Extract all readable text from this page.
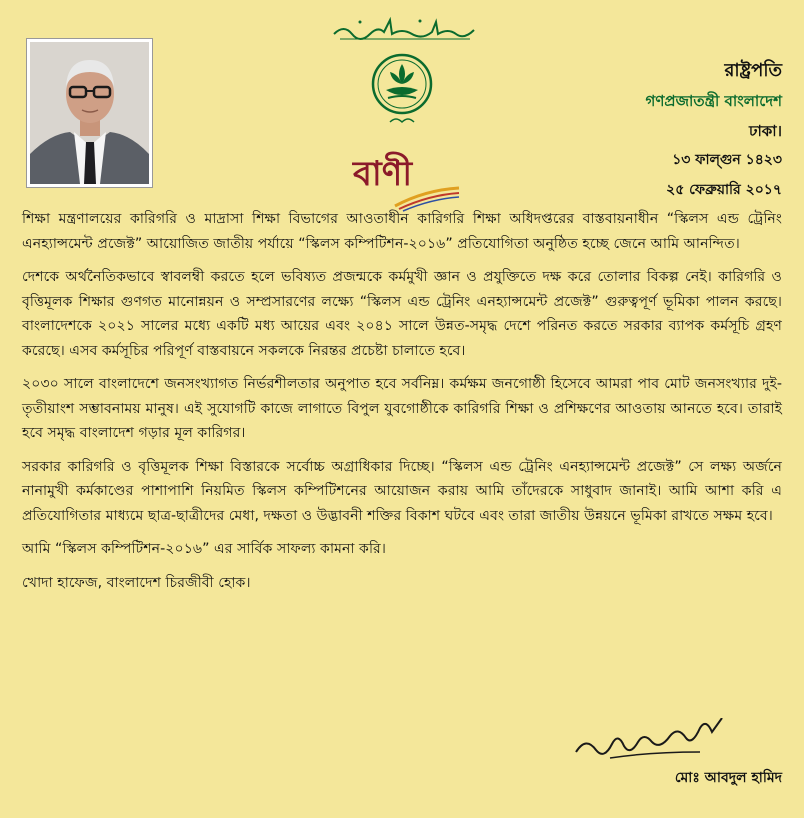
বাণী
রাষ্ট্রপতি
গণপ্রজাতন্ত্রী বাংলাদেশ
ঢাকা।
১৩ ফাল্গুন ১৪২৩
২৫ ফেব্রুয়ারি ২০১৭

শিক্ষা মন্ত্রণালয়ের কারিগরি ও মাদ্রাসা শিক্ষা বিভাগের আওতাধীন কারিগরি শিক্ষা অধিদপ্তরের বাস্তবায়নাধীন “স্কিলস এন্ড ট্রেনিং এনহ্যান্সমেন্ট প্রজেক্ট” আয়োজিত জাতীয় পর্যায়ে “স্কিলস কম্পিটিশন-২০১৬” প্রতিযোগিতা অনুষ্ঠিত হচ্ছে জেনে আমি আনন্দিত।

দেশকে অর্থনৈতিকভাবে স্বাবলম্বী করতে হলে ভবিষ্যত প্রজন্মকে কর্মমুখী জ্ঞান ও প্রযুক্তিতে দক্ষ করে তোলার বিকল্প নেই। কারিগরি ও বৃত্তিমূলক শিক্ষার গুণগত মানোন্নয়ন ও সম্প্রসারণের লক্ষ্যে “স্কিলস এন্ড ট্রেনিং এনহ্যান্সমেন্ট প্রজেক্ট” গুরুত্বপূর্ণ ভূমিকা পালন করছে। বাংলাদেশকে ২০২১ সালের মধ্যে একটি মধ্য আয়ের এবং ২০৪১ সালে উন্নত-সমৃদ্ধ দেশে পরিনত করতে সরকার ব্যাপক কর্মসূচি গ্রহণ করেছে। এসব কর্মসূচির পরিপূর্ণ বাস্তবায়নে সকলকে নিরন্তর প্রচেষ্টা চালাতে হবে।

২০৩০ সালে বাংলাদেশে জনসংখ্যাগত নির্ভরশীলতার অনুপাত হবে সর্বনিম্ন। কর্মক্ষম জনগোষ্ঠী হিসেবে আমরা পাব মোট জনসংখ্যার দুই-তৃতীয়াংশ সম্ভাবনাময় মানুষ। এই সুযোগটি কাজে লাগাতে বিপুল যুবগোষ্ঠীকে কারিগরি শিক্ষা ও প্রশিক্ষণের আওতায় আনতে হবে। তারাই হবে সমৃদ্ধ বাংলাদেশ গড়ার মূল কারিগর।

সরকার কারিগরি ও বৃত্তিমূলক শিক্ষা বিস্তারকে সর্বোচ্চ অগ্রাধিকার দিচ্ছে। “স্কিলস এন্ড ট্রেনিং এনহ্যান্সমেন্ট প্রজেক্ট” সে লক্ষ্য অর্জনে নানামুখী কর্মকাণ্ডের পাশাপাশি নিয়মিত স্কিলস কম্পিটিশনের আয়োজন করায় আমি তাঁদেরকে সাধুবাদ জানাই। আমি আশা করি এ প্রতিযোগিতার মাধ্যমে ছাত্র-ছাত্রীদের মেধা, দক্ষতা ও উদ্ভাবনী শক্তির বিকাশ ঘটবে এবং তারা জাতীয় উন্নয়নে ভূমিকা রাখতে সক্ষম হবে।

আমি “স্কিলস কম্পিটিশন-২০১৬” এর সার্বিক সাফল্য কামনা করি।

খোদা হাফেজ, বাংলাদেশ চিরজীবী হোক।

মোঃ আবদুল হামিদ
